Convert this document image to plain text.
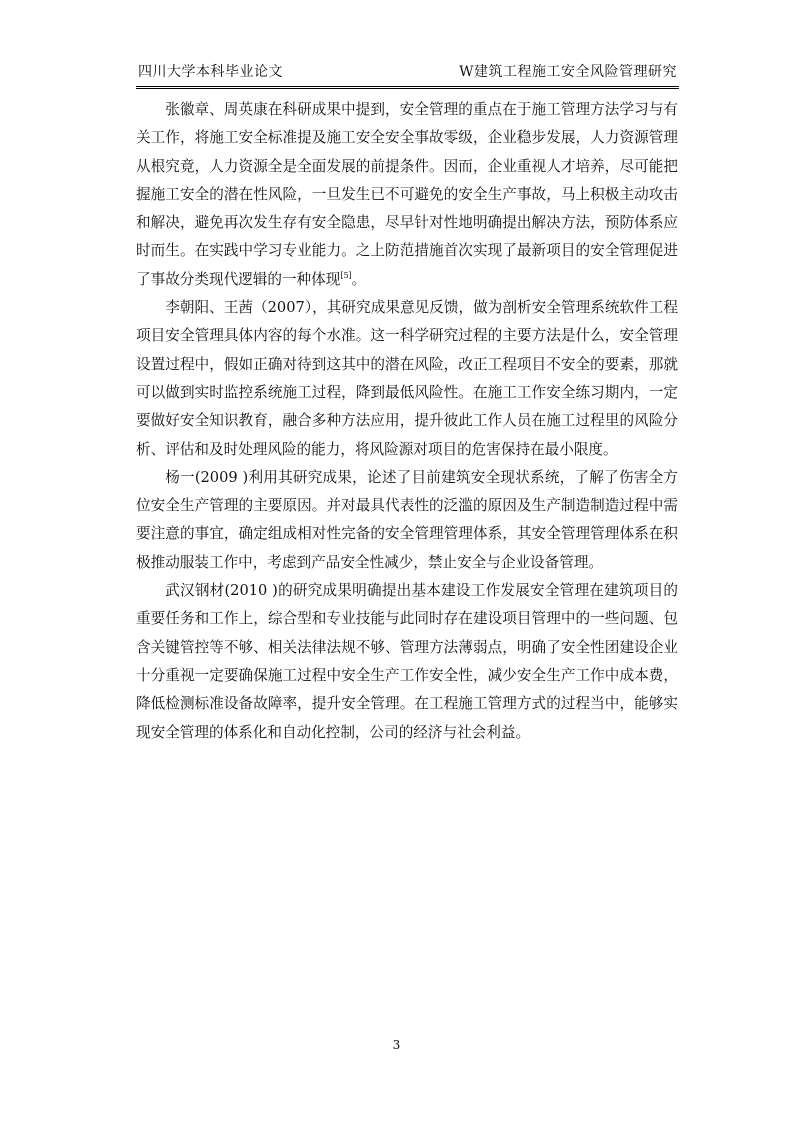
四川大学本科毕业论文	W建筑工程施工安全风险管理研究

张徽章、周英康在科研成果中提到，安全管理的重点在于施工管理方法学习与有关工作，将施工安全标准提及施工安全安全事故零级，企业稳步发展，人力资源管理从根究竟，人力资源全是全面发展的前提条件。因而，企业重视人才培养，尽可能把握施工安全的潜在性风险，一旦发生已不可避免的安全生产事故，马上积极主动攻击和解决，避免再次发生存有安全隐患，尽早针对性地明确提出解决方法，预防体系应时而生。在实践中学习专业能力。之上防范措施首次实现了最新项目的安全管理促进了事故分类现代逻辑的一种体现[5]。

李朝阳、王茜（2007），其研究成果意见反馈，做为剖析安全管理系统软件工程项目安全管理具体内容的每个水准。这一科学研究过程的主要方法是什么，安全管理设置过程中，假如正确对待到这其中的潜在风险，改正工程项目不安全的要素，那就可以做到实时监控系统施工过程，降到最低风险性。在施工工作安全练习期内，一定要做好安全知识教育，融合多种方法应用，提升彼此工作人员在施工过程里的风险分析、评估和及时处理风险的能力，将风险源对项目的危害保持在最小限度。

杨一(2009 )利用其研究成果，论述了目前建筑安全现状系统，了解了伤害全方位安全生产管理的主要原因。并对最具代表性的泛滥的原因及生产制造制造过程中需要注意的事宜，确定组成相对性完备的安全管理管理体系，其安全管理管理体系在积极推动服装工作中，考虑到产品安全性减少，禁止安全与企业设备管理。

武汉钢材(2010 )的研究成果明确提出基本建设工作发展安全管理在建筑项目的重要任务和工作上，综合型和专业技能与此同时存在建设项目管理中的一些问题、包含关键管控等不够、相关法律法规不够、管理方法薄弱点，明确了安全性团建设企业十分重视一定要确保施工过程中安全生产工作安全性，减少安全生产工作中成本费，降低检测标准设备故障率，提升安全管理。在工程施工管理方式的过程当中，能够实现安全管理的体系化和自动化控制，公司的经济与社会利益。

3
